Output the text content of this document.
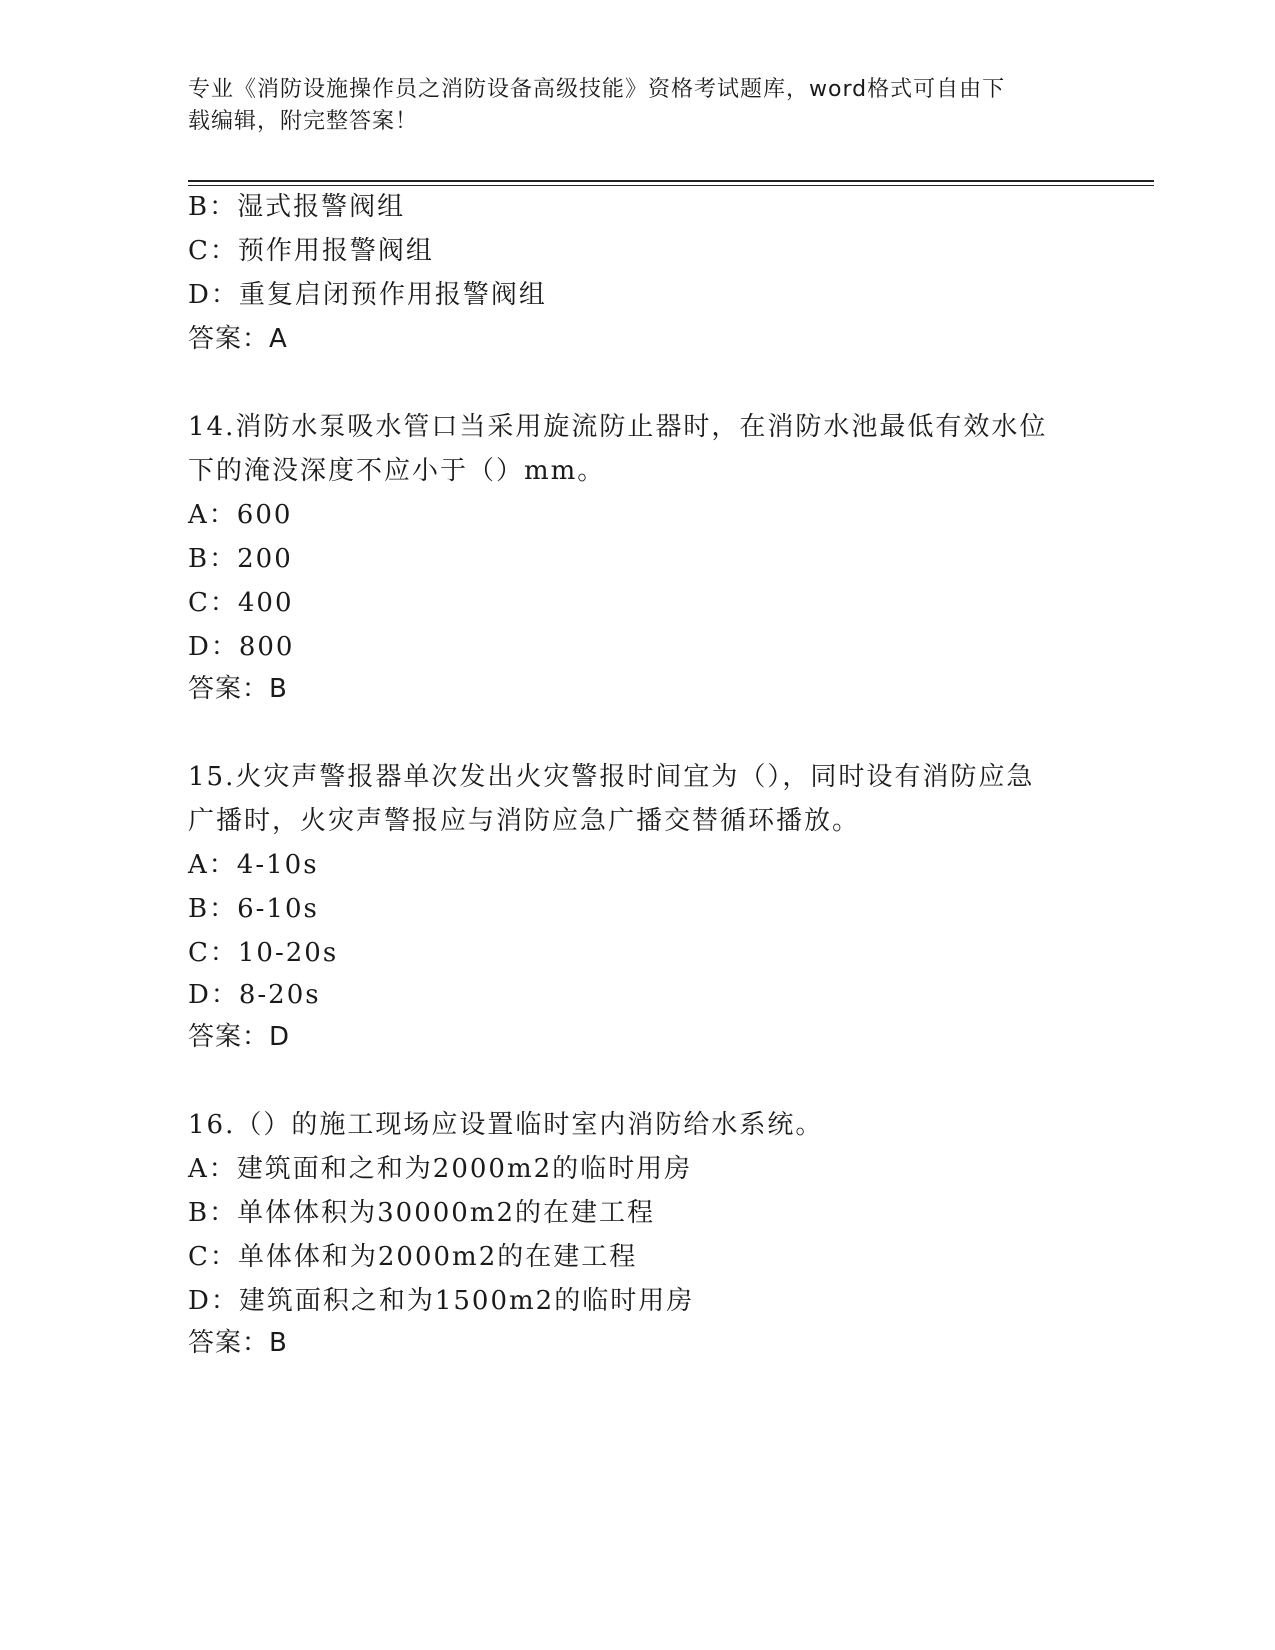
专业《消防设施操作员之消防设备高级技能》资格考试题库，word格式可自由下
载编辑，附完整答案！
B：湿式报警阀组
C：预作用报警阀组
D：重复启闭预作用报警阀组
答案：A
14.消防水泵吸水管口当采用旋流防止器时，在消防水池最低有效水位
下的淹没深度不应小于（）mm。
A：600
B：200
C：400
D：800
答案：B
15.火灾声警报器单次发出火灾警报时间宜为（），同时设有消防应急
广播时，火灾声警报应与消防应急广播交替循环播放。
A：4-10s
B：6-10s
C：10-20s
D：8-20s
答案：D
16.（）的施工现场应设置临时室内消防给水系统。
A：建筑面和之和为2000m2的临时用房
B：单体体积为30000m2的在建工程
C：单体体和为2000m2的在建工程
D：建筑面积之和为1500m2的临时用房
答案：B
